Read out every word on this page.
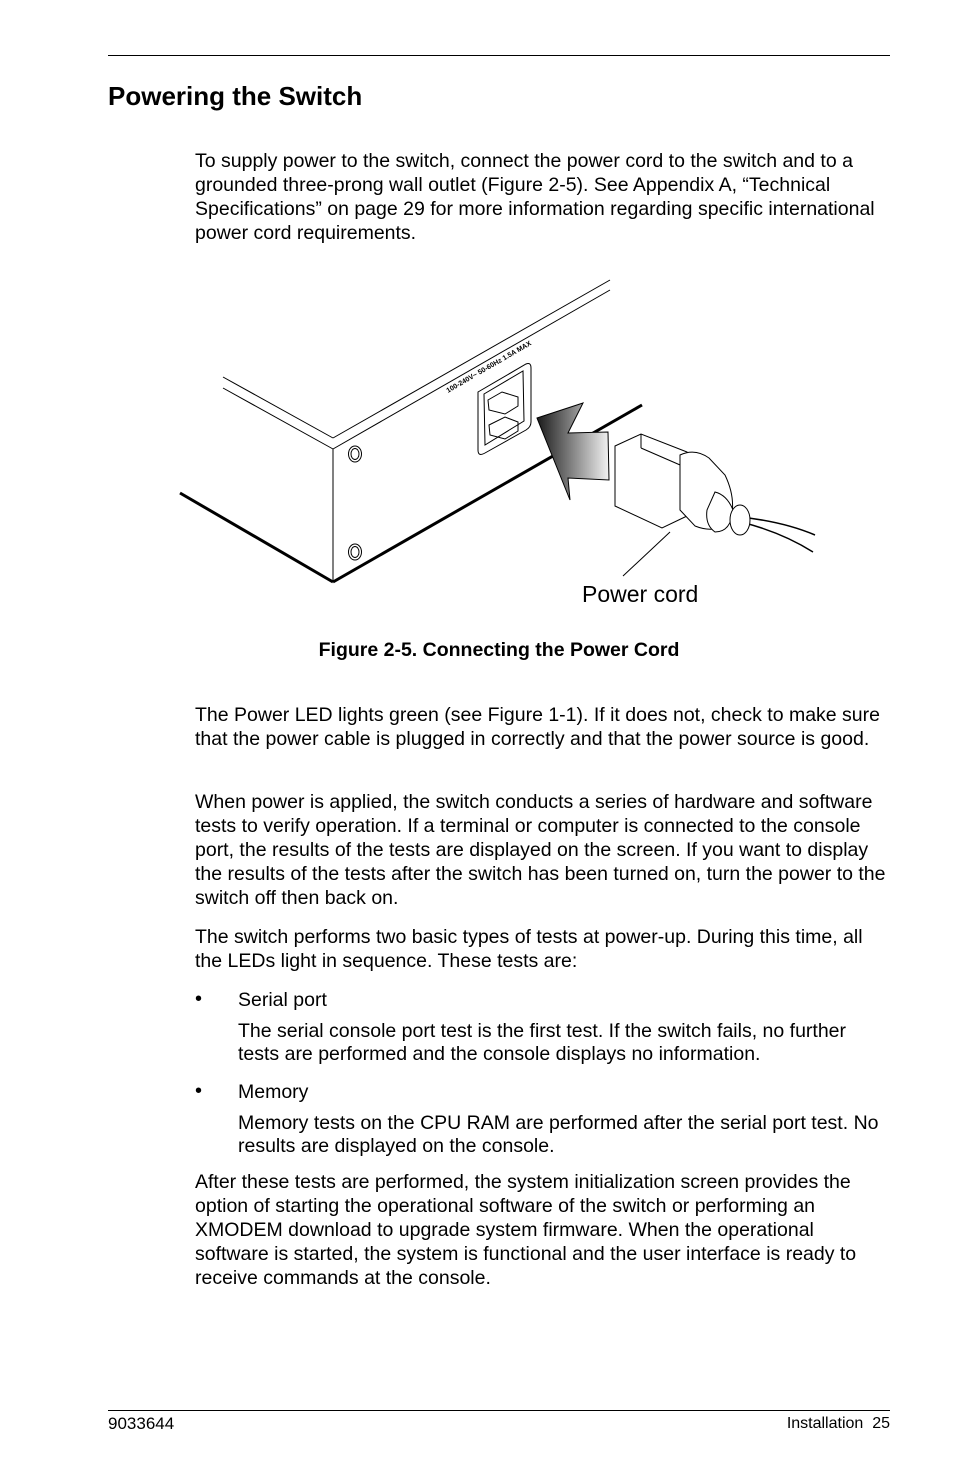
Powering the Switch

To supply power to the switch, connect the power cord to the switch and to a grounded three-prong wall outlet (Figure 2-5). See Appendix A, “Technical Specifications” on page 29 for more information regarding specific international power cord requirements.

100-240V~ 50-60Hz 1.5A MAX
Power cord
Figure 2-5. Connecting the Power Cord

The Power LED lights green (see Figure 1-1). If it does not, check to make sure that the power cable is plugged in correctly and that the power source is good.

When power is applied, the switch conducts a series of hardware and software tests to verify operation. If a terminal or computer is connected to the console port, the results of the tests are displayed on the screen. If you want to display the results of the tests after the switch has been turned on, turn the power to the switch off then back on.

The switch performs two basic types of tests at power-up. During this time, all the LEDs light in sequence. These tests are:

• Serial port

The serial console port test is the first test. If the switch fails, no further tests are performed and the console displays no information.

• Memory

Memory tests on the CPU RAM are performed after the serial port test. No results are displayed on the console.

After these tests are performed, the system initialization screen provides the option of starting the operational software of the switch or performing an XMODEM download to upgrade system firmware. When the operational software is started, the system is functional and the user interface is ready to receive commands at the console.

9033644	Installation  25
